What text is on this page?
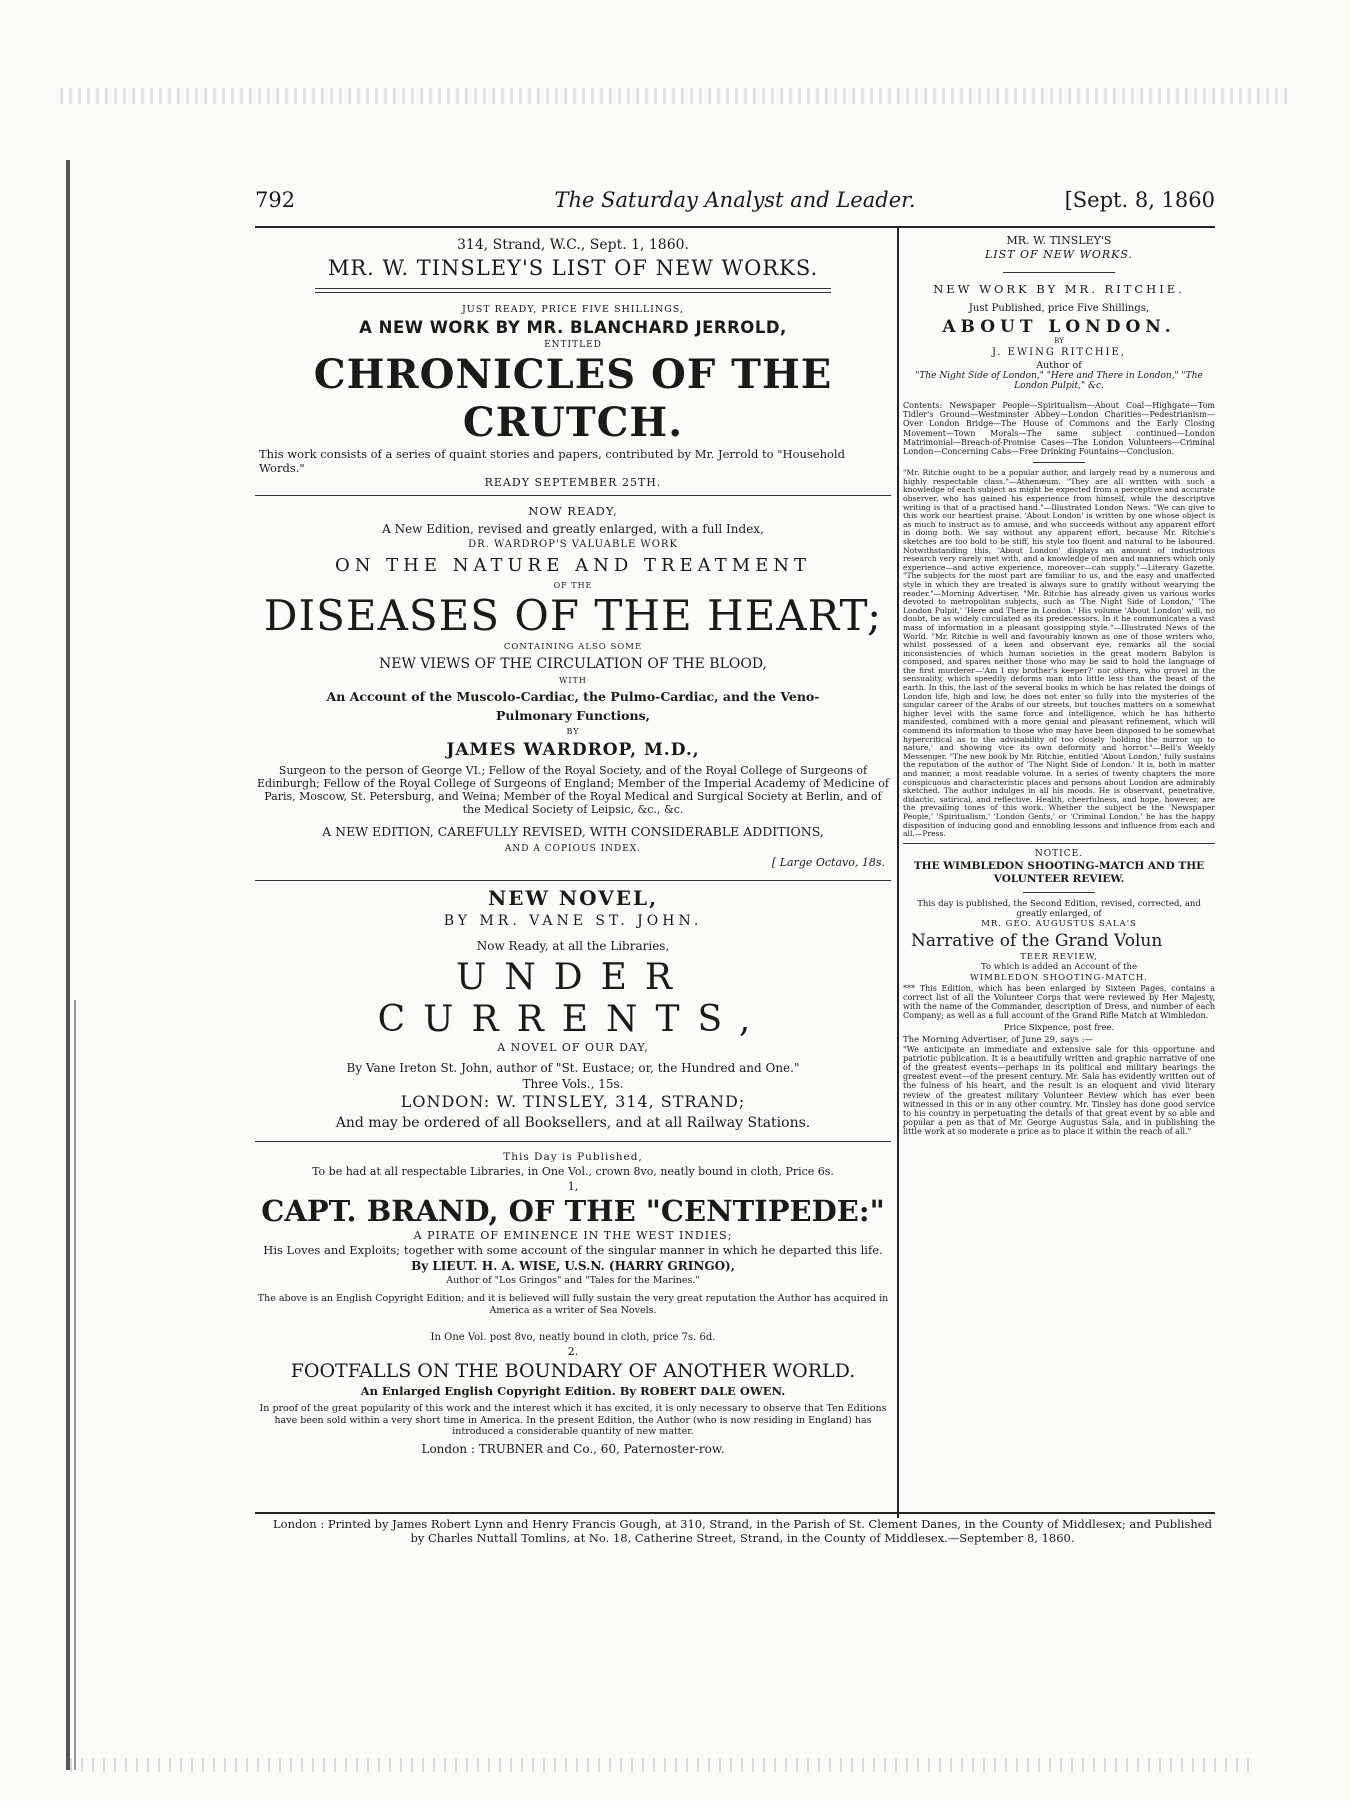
792	The Saturday Analyst and Leader.	[Sept. 8, 1860
314, Strand, W.C., Sept. 1, 1860.
MR. W. TINSLEY'S LIST OF NEW WORKS.
JUST READY, PRICE FIVE SHILLINGS,
A NEW WORK BY MR. BLANCHARD JERROLD,
ENTITLED
CHRONICLES OF THE CRUTCH.
This work consists of a series of quaint stories and papers, contributed by Mr. Jerrold to "Household Words."
READY SEPTEMBER 25TH.
NOW READY,
A New Edition, revised and greatly enlarged, with a full Index,
DR. WARDROP'S VALUABLE WORK
ON THE NATURE AND TREATMENT
OF THE
DISEASES OF THE HEART;
CONTAINING ALSO SOME
NEW VIEWS OF THE CIRCULATION OF THE BLOOD,
WITH
An Account of the Muscolo-Cardiac, the Pulmo-Cardiac, and the Veno-
Pulmonary Functions,
BY
JAMES WARDROP, M.D.,
Surgeon to the person of George VI.; Fellow of the Royal Society, and of the Royal College of Surgeons of Edinburgh; Fellow of the Royal College of Surgeons of England; Member of the Imperial Academy of Medicine of Paris, Moscow, St. Petersburg, and Weina; Member of the Royal Medical and Surgical Society at Berlin, and of the Medical Society of Leipsic, &c., &c.
A NEW EDITION, CAREFULLY REVISED, WITH CONSIDERABLE ADDITIONS,
AND A COPIOUS INDEX.
[ Large Octavo, 18s.
NEW NOVEL,
BY MR. VANE ST. JOHN.
Now Ready, at all the Libraries,
UNDER CURRENTS,
A NOVEL OF OUR DAY,
By Vane Ireton St. John, author of "St. Eustace; or, the Hundred and One."
Three Vols., 15s.
LONDON: W. TINSLEY, 314, STRAND;
And may be ordered of all Booksellers, and at all Railway Stations.
This Day is Published,
To be had at all respectable Libraries, in One Vol., crown 8vo, neatly bound in cloth, Price 6s.
1,
CAPT. BRAND, OF THE "CENTIPEDE:"
A PIRATE OF EMINENCE IN THE WEST INDIES;
His Loves and Exploits; together with some account of the singular manner in which he departed this life.
By LIEUT. H. A. WISE, U.S.N. (HARRY GRINGO),
Author of "Los Gringos" and "Tales for the Marines."
The above is an English Copyright Edition; and it is believed will fully sustain the very great reputation the Author has acquired in America as a writer of Sea Novels.
In One Vol. post 8vo, neatly bound in cloth, price 7s. 6d.
2.
FOOTFALLS ON THE BOUNDARY OF ANOTHER WORLD.
An Enlarged English Copyright Edition. By ROBERT DALE OWEN.
In proof of the great popularity of this work and the interest which it has excited, it is only necessary to observe that Ten Editions have been sold within a very short time in America. In the present Edition, the Author (who is now residing in England) has introduced a considerable quantity of new matter.
London : TRUBNER and Co., 60, Paternoster-row.
MR. W. TINSLEY'S
LIST OF NEW WORKS.
NEW WORK BY MR. RITCHIE.
Just Published, price Five Shillings,
ABOUT LONDON.
BY
J. EWING RITCHIE,
Author of
"The Night Side of London," "Here and There in London," "The London Pulpit," &c.
Contents: Newspaper People—Spiritualism—About Coal—Highgate—Tom Tidler's Ground—Westminster Abbey—London Charities—Pedestrianism—Over London Bridge—The House of Commons and the Early Closing Movement—Town Morals—The same subject continued—London Matrimonial—Breach-of-Promise Cases—The London Volunteers—Criminal London—Concerning Cabs—Free Drinking Fountains—Conclusion.
"Mr. Ritchie ought to be a popular author, and largely read by a numerous and highly respectable class."—Athenæum. "They are all written with such a knowledge of each subject as might be expected from a perceptive and accurate observer, who has gained his experience from himself, while the descriptive writing is that of a practised hand."—Illustrated London News. "We can give to this work our heartiest praise. 'About London' is written by one whose object is as much to instruct as to amuse, and who succeeds without any apparent effort in doing both. We say without any apparent effort, because Mr. Ritchie's sketches are too bold to be stiff, his style too fluent and natural to be laboured. Notwithstanding this, 'About London' displays an amount of industrious research very rarely met with, and a knowledge of men and manners which only experience—and active experience, moreover—can supply."—Literary Gazette. "The subjects for the most part are familiar to us, and the easy and unaffected style in which they are treated is always sure to gratify without wearying the reader."—Morning Advertiser. "Mr. Ritchie has already given us various works devoted to metropolitan subjects, such as 'The Night Side of London,' 'The London Pulpit,' 'Here and There in London.' His volume 'About London' will, no doubt, be as widely circulated as its predecessors. In it he communicates a vast mass of information in a pleasant gossipping style."—Illustrated News of the World. "Mr. Ritchie is well and favourably known as one of those writers who, whilst possessed of a keen and observant eye, remarks all the social inconsistencies of which human societies in the great modern Babylon is composed, and spares neither those who may be said to hold the language of the first murderer—'Am I my brother's keeper?' nor others, who grovel in the sensuality, which speedily deforms man into little less than the beast of the earth. In this, the last of the several books in which he has related the doings of London life, high and low, he does not enter so fully into the mysteries of the singular career of the Arabs of our streets, but touches matters on a somewhat higher level with the same force and intelligence, which he has hitherto manifested, combined with a more genial and pleasant refinement, which will commend its information to those who may have been disposed to be somewhat hypercritical as to the advisability of too closely 'holding the mirror up to nature,' and showing vice its own deformity and horror."—Bell's Weekly Messenger. "The new book by Mr. Ritchie, entitled 'About London,' fully sustains the reputation of the author of 'The Night Side of London.' It is, both in matter and manner, a most readable volume. In a series of twenty chapters the more conspicuous and characteristic places and persons about London are admirably sketched. The author indulges in all his moods. He is observant, penetrative, didactic, satirical, and reflective. Health, cheerfulness, and hope, however, are the prevailing tones of this work. Whether the subject be the 'Newspaper People,' 'Spiritualism,' 'London Gents,' or 'Criminal London,' he has the happy disposition of inducing good and ennobling lessons and influence from each and all.—Press.
NOTICE.
THE WIMBLEDON SHOOTING-MATCH AND THE VOLUNTEER REVIEW.
This day is published, the Second Edition, revised, corrected, and greatly enlarged, of
MR. GEO. AUGUSTUS SALA'S
Narrative of the Grand Volun
TEER REVIEW,
To which is added an Account of the
WIMBLEDON SHOOTING-MATCH.
*** This Edition, which has been enlarged by Sixteen Pages, contains a correct list of all the Volunteer Corps that were reviewed by Her Majesty, with the name of the Commander, description of Dress, and number of each Company; as well as a full account of the Grand Rifle Match at Wimbledon.
Price Sixpence, post free.
The Morning Advertiser, of June 29, says :—
"We anticipate an immediate and extensive sale for this opportune and patriotic publication. It is a beautifully written and graphic narrative of one of the greatest events—perhaps in its political and military bearings the greatest event—of the present century. Mr. Sala has evidently written out of the fulness of his heart, and the result is an eloquent and vivid literary review of the greatest military Volunteer Review which has ever been witnessed in this or in any other country. Mr. Tinsley has done good service to his country in perpetuating the details of that great event by so able and popular a pen as that of Mr. George Augustus Sala, and in publishing the little work at so moderate a price as to place it within the reach of all."
London : Printed by James Robert Lynn and Henry Francis Gough, at 310, Strand, in the Parish of St. Clement Danes, in the County of Middlesex; and Published by Charles Nuttall Tomlins, at No. 18, Catherine Street, Strand, in the County of Middlesex.—September 8, 1860.
